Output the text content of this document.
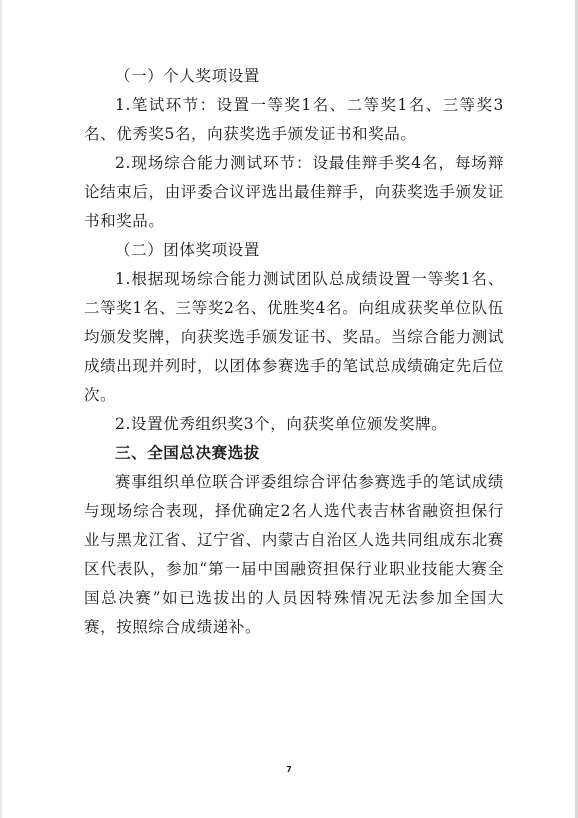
（一）个人奖项设置

1.笔试环节：设置一等奖1名、二等奖1名、三等奖3名、优秀奖5名，向获奖选手颁发证书和奖品。

2.现场综合能力测试环节：设最佳辩手奖4名，每场辩论结束后，由评委合议评选出最佳辩手，向获奖选手颁发证书和奖品。

（二）团体奖项设置

1.根据现场综合能力测试团队总成绩设置一等奖1名、二等奖1名、三等奖2名、优胜奖4名。向组成获奖单位队伍均颁发奖牌，向获奖选手颁发证书、奖品。当综合能力测试成绩出现并列时，以团体参赛选手的笔试总成绩确定先后位次。

2.设置优秀组织奖3个，向获奖单位颁发奖牌。

三、全国总决赛选拔

赛事组织单位联合评委组综合评估参赛选手的笔试成绩与现场综合表现，择优确定2名人选代表吉林省融资担保行业与黑龙江省、辽宁省、内蒙古自治区人选共同组成东北赛区代表队，参加“第一届中国融资担保行业职业技能大赛全国总决赛”如已选拔出的人员因特殊情况无法参加全国大赛，按照综合成绩递补。

7
